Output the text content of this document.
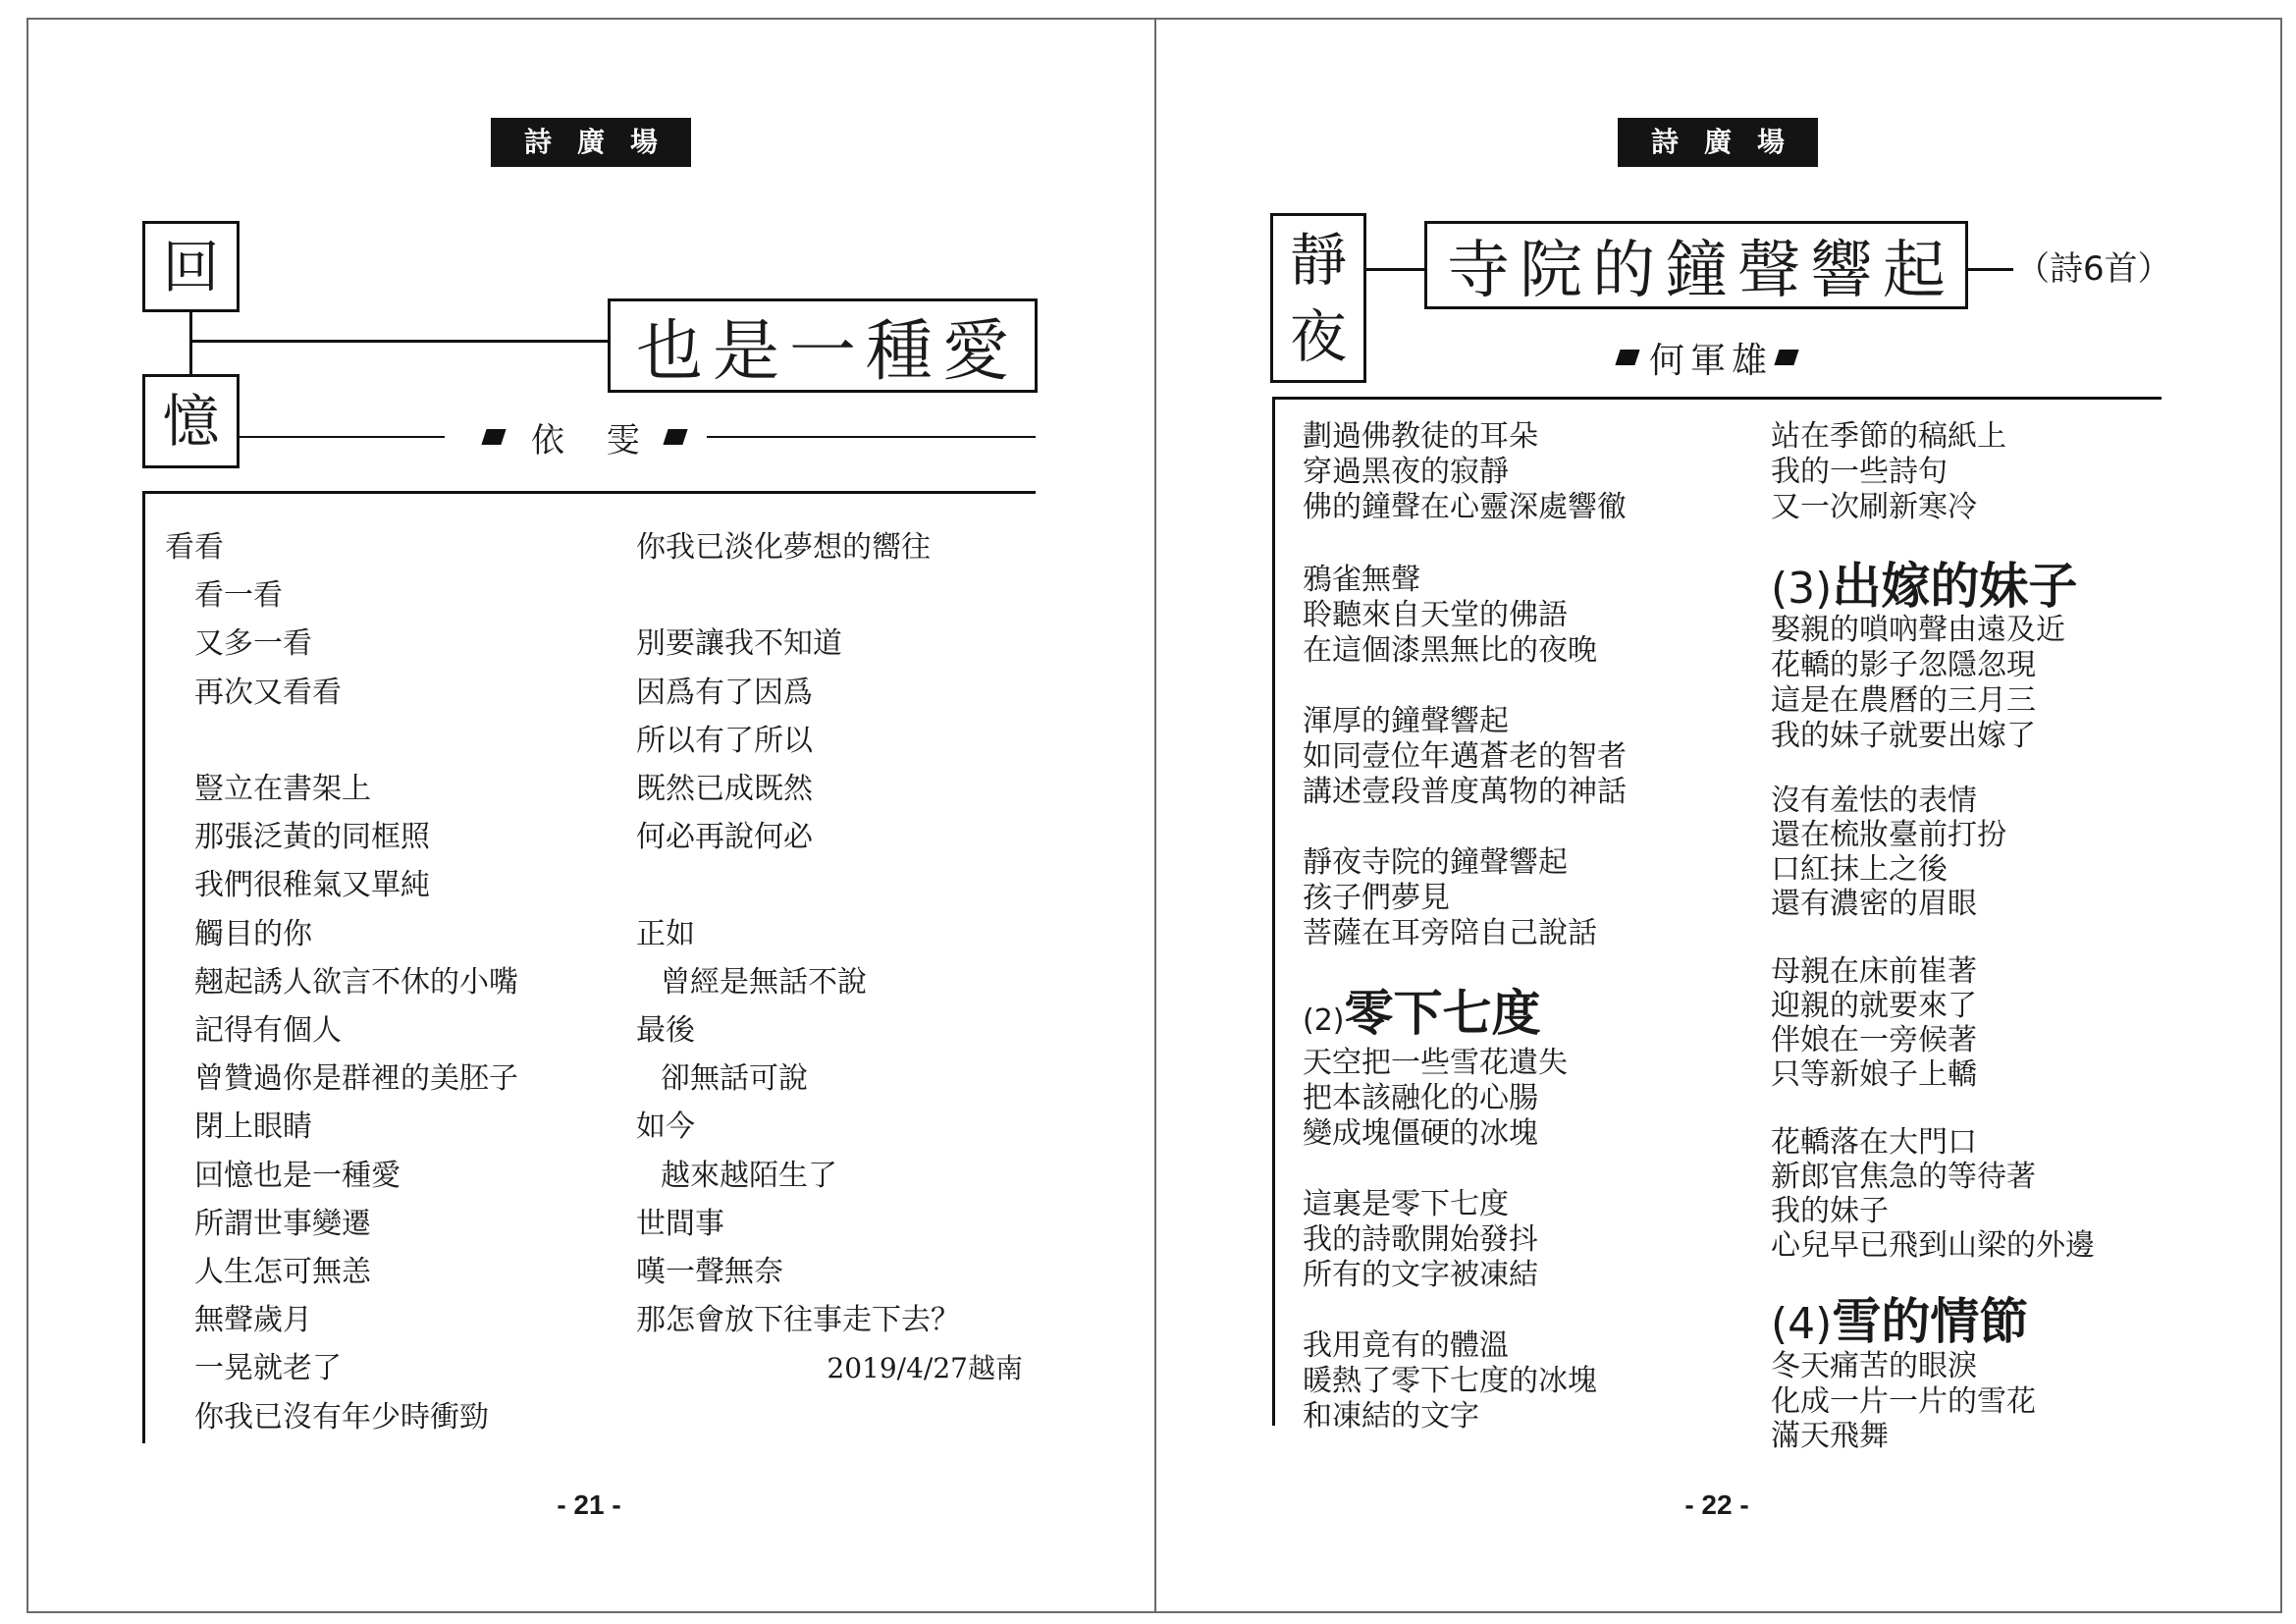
詩廣場
回
憶
也是一種愛
依 雯
看看
看一看
又多一看
再次又看看
豎立在書架上
那張泛黃的同框照
我們很稚氣又單純
觸目的你
翹起誘人欲言不休的小嘴
記得有個人
曾贊過你是群裡的美胚子
閉上眼睛
回憶也是一種愛
所謂世事變遷
人生怎可無恙
無聲歲月
一晃就老了
你我已沒有年少時衝勁
你我已淡化夢想的嚮往
別要讓我不知道
因爲有了因爲
所以有了所以
既然已成既然
何必再說何必
正如
曾經是無話不說
最後
卻無話可說
如今
越來越陌生了
世間事
嘆一聲無奈
那怎會放下往事走下去？
2019/4/27越南
- 21 -
詩廣場
靜
夜
寺院的鐘聲響起	（詩6首）
何軍雄
劃過佛教徒的耳朵
穿過黑夜的寂靜
佛的鐘聲在心靈深處響徹
鴉雀無聲
聆聽來自天堂的佛語
在這個漆黑無比的夜晚
渾厚的鐘聲響起
如同壹位年邁蒼老的智者
講述壹段普度萬物的神話
靜夜寺院的鐘聲響起
孩子們夢見
菩薩在耳旁陪自己說話
(2)零下七度
天空把一些雪花遺失
把本該融化的心腸
變成塊僵硬的冰塊
這裏是零下七度
我的詩歌開始發抖
所有的文字被凍結
我用竟有的體溫
暖熱了零下七度的冰塊
和凍結的文字
站在季節的稿紙上
我的一些詩句
又一次刷新寒冷
(3)出嫁的妹子
娶親的嗩吶聲由遠及近
花轎的影子忽隱忽現
這是在農曆的三月三
我的妹子就要出嫁了
沒有羞怯的表情
還在梳妝臺前打扮
口紅抹上之後
還有濃密的眉眼
母親在床前崔著
迎親的就要來了
伴娘在一旁候著
只等新娘子上轎
花轎落在大門口
新郎官焦急的等待著
我的妹子
心兒早已飛到山梁的外邊
(4)雪的情節
冬天痛苦的眼淚
化成一片一片的雪花
滿天飛舞
- 22 -
